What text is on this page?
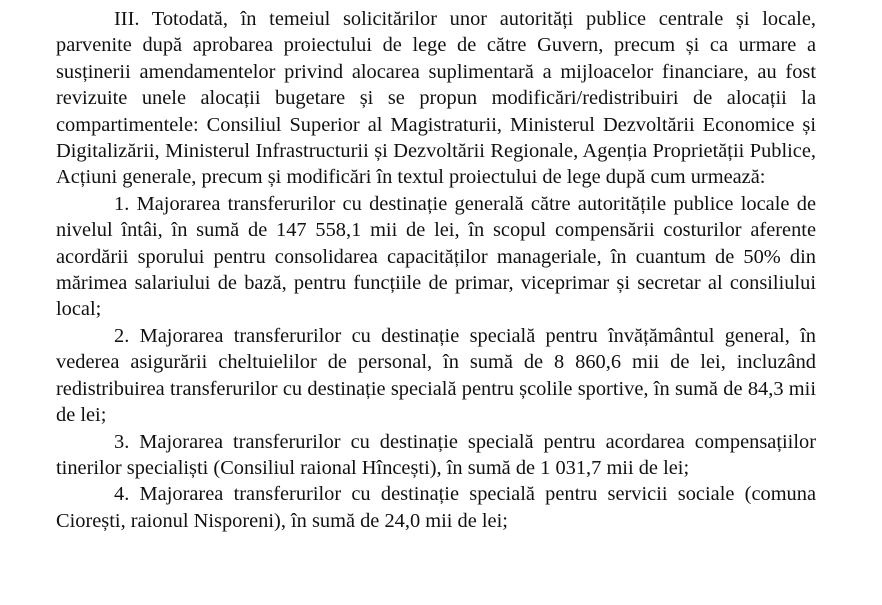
III. Totodată, în temeiul solicitărilor unor autorități publice centrale și locale, parvenite după aprobarea proiectului de lege de către Guvern, precum și ca urmare a susținerii amendamentelor privind alocarea suplimentară a mijloacelor financiare, au fost revizuite unele alocații bugetare și se propun modificări/redistribuiri de alocații la compartimentele: Consiliul Superior al Magistraturii, Ministerul Dezvoltării Economice și Digitalizării, Ministerul Infrastructurii și Dezvoltării Regionale, Agenția Proprietății Publice, Acțiuni generale, precum și modificări în textul proiectului de lege după cum urmează:

1. Majorarea transferurilor cu destinație generală către autoritățile publice locale de nivelul întâi, în sumă de 147 558,1 mii de lei, în scopul compensării costurilor aferente acordării sporului pentru consolidarea capacităților manageriale, în cuantum de 50% din mărimea salariului de bază, pentru funcțiile de primar, viceprimar și secretar al consiliului local;

2. Majorarea transferurilor cu destinație specială pentru învățământul general, în vederea asigurării cheltuielilor de personal, în sumă de 8 860,6 mii de lei, incluzând redistribuirea transferurilor cu destinație specială pentru școlile sportive, în sumă de 84,3 mii de lei;

3. Majorarea transferurilor cu destinație specială pentru acordarea compensațiilor tinerilor specialiști (Consiliul raional Hîncești), în sumă de 1 031,7 mii de lei;

4. Majorarea transferurilor cu destinație specială pentru servicii sociale (comuna Ciorești, raionul Nisporeni), în sumă de 24,0 mii de lei;
